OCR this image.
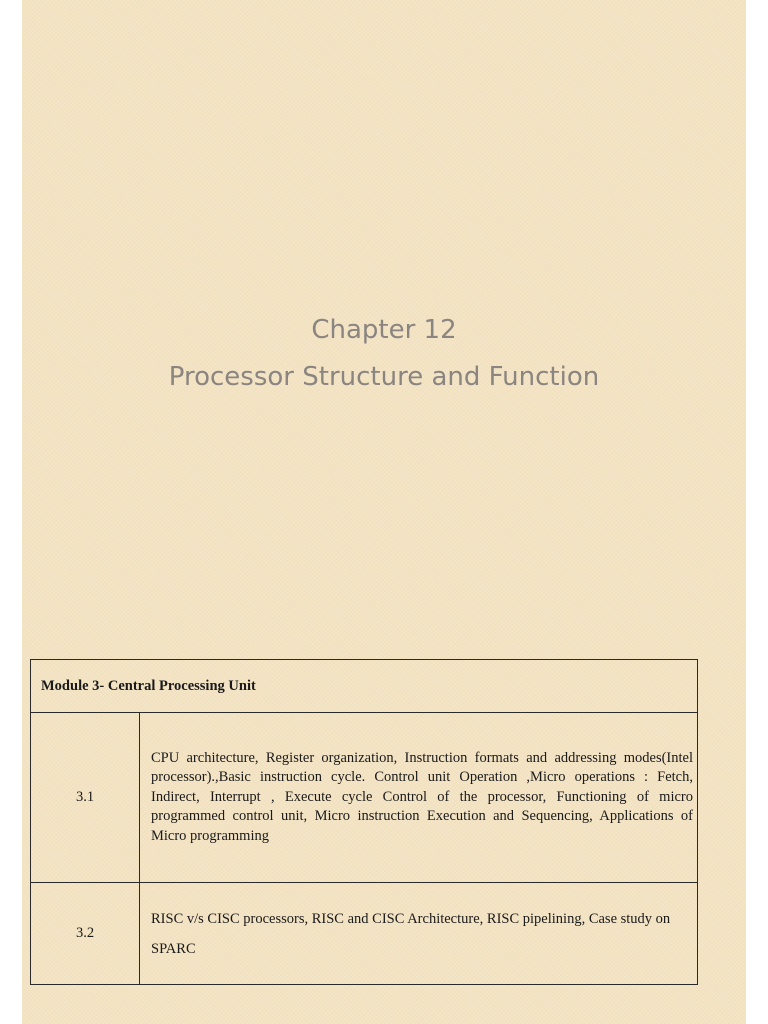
Chapter 12
Processor Structure and Function
Module 3- Central Processing Unit	
3.1	CPU architecture, Register organization, Instruction formats and addressing modes(Intel processor).,Basic instruction cycle. Control unit Operation ,Micro operations : Fetch, Indirect, Interrupt , Execute cycle Control of the processor, Functioning of micro programmed control unit, Micro instruction Execution and Sequencing, Applications of Micro programming
3.2	RISC v/s CISC processors, RISC and CISC Architecture, RISC pipelining, Case study on SPARC
